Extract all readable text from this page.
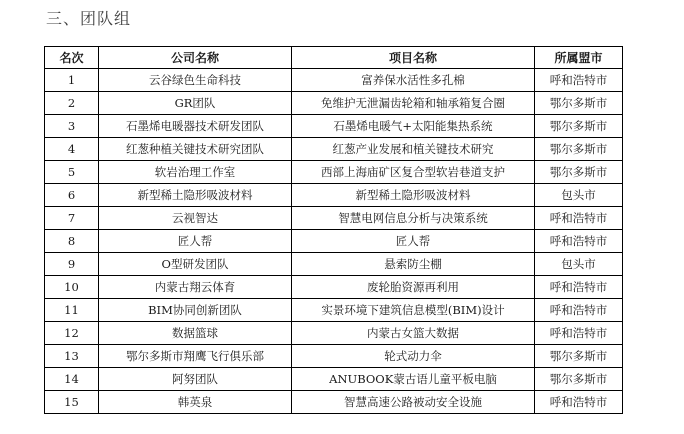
三、团队组
名次	公司名称	项目名称	所属盟市
1	云谷绿色生命科技	富养保水活性多孔棉	呼和浩特市
2	GR团队	免维护无泄漏齿轮箱和轴承箱复合圈	鄂尔多斯市
3	石墨烯电暖器技术研发团队	石墨烯电暖气+太阳能集热系统	鄂尔多斯市
4	红葱种植关键技术研究团队	红葱产业发展和植关键技术研究	鄂尔多斯市
5	软岩治理工作室	西部上海庙矿区复合型软岩巷道支护	鄂尔多斯市
6	新型稀土隐形吸波材料	新型稀土隐形吸波材料	包头市
7	云视智达	智慧电网信息分析与决策系统	呼和浩特市
8	匠人帮	匠人帮	呼和浩特市
9	O型研发团队	悬索防尘棚	包头市
10	内蒙古翔云体育	废轮胎资源再利用	呼和浩特市
11	BIM协同创新团队	实景环境下建筑信息模型(BIM)设计	呼和浩特市
12	数据篮球	内蒙古女篮大数据	呼和浩特市
13	鄂尔多斯市翔鹰飞行俱乐部	轮式动力伞	鄂尔多斯市
14	阿努团队	ANUBOOK蒙古语儿童平板电脑	鄂尔多斯市
15	韩英泉	智慧高速公路被动安全设施	呼和浩特市
